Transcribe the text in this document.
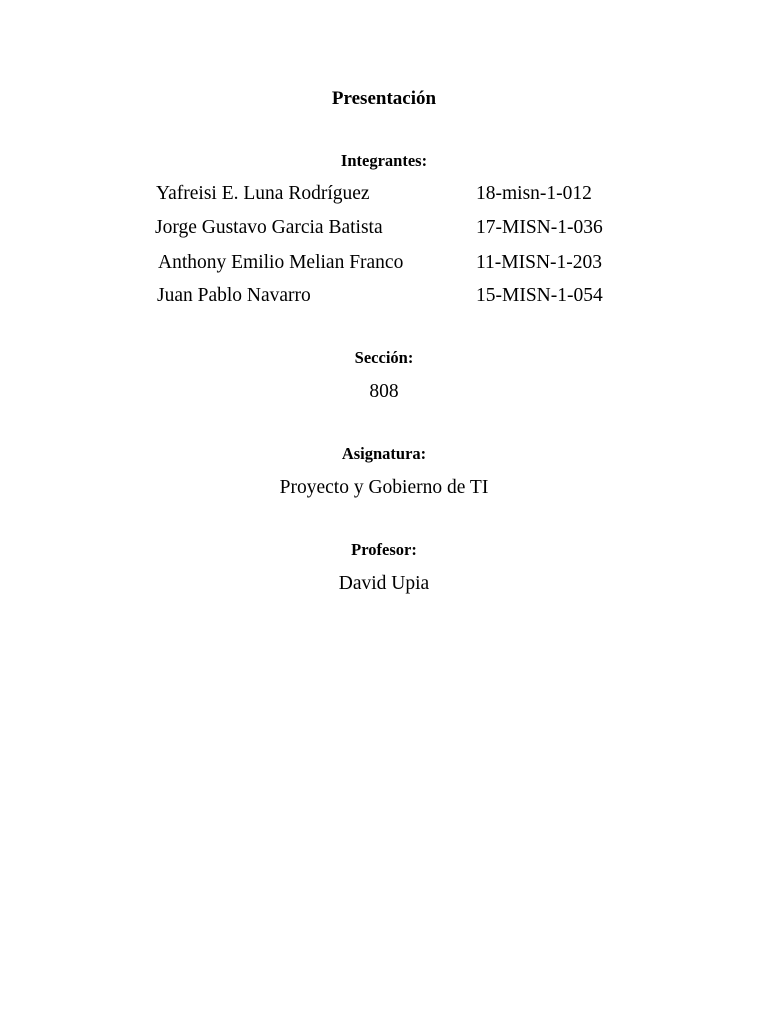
Presentación
Integrantes:
Yafreisi E. Luna Rodríguez	18-misn-1-012
Jorge Gustavo Garcia Batista	17-MISN-1-036
Anthony Emilio Melian Franco	11-MISN-1-203
Juan Pablo Navarro	15-MISN-1-054
Sección:
808
Asignatura:
Proyecto y Gobierno de TI
Profesor:
David Upia
